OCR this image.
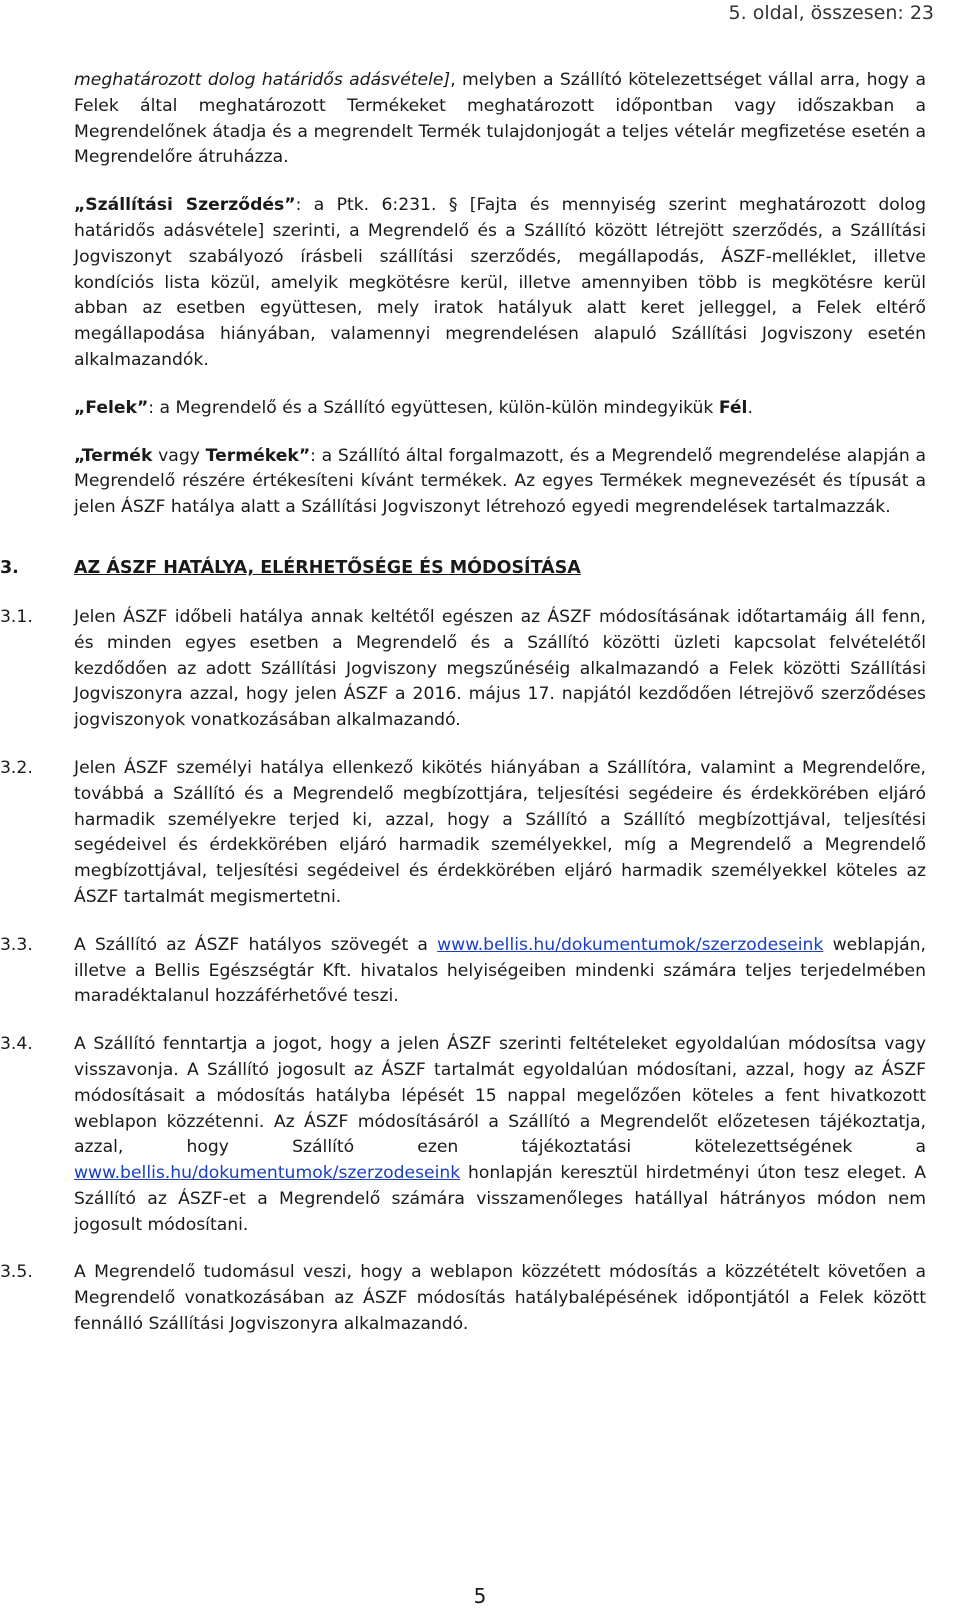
5. oldal, összesen: 23

meghatározott dolog határidős adásvétele], melyben a Szállító kötelezettséget vállal arra, hogy a Felek által meghatározott Termékeket meghatározott időpontban vagy időszakban a Megrendelőnek átadja és a megrendelt Termék tulajdonjogát a teljes vételár megfizetése esetén a Megrendelőre átruházza.

„Szállítási Szerződés”: a Ptk. 6:231. § [Fajta és mennyiség szerint meghatározott dolog határidős adásvétele] szerinti, a Megrendelő és a Szállító között létrejött szerződés, a Szállítási Jogviszonyt szabályozó írásbeli szállítási szerződés, megállapodás, ÁSZF-melléklet, illetve kondíciós lista közül, amelyik megkötésre kerül, illetve amennyiben több is megkötésre kerül abban az esetben együttesen, mely iratok hatályuk alatt keret jelleggel, a Felek eltérő megállapodása hiányában, valamennyi megrendelésen alapuló Szállítási Jogviszony esetén alkalmazandók.

„Felek”: a Megrendelő és a Szállító együttesen, külön-külön mindegyikük Fél.

„Termék vagy Termékek”: a Szállító által forgalmazott, és a Megrendelő megrendelése alapján a Megrendelő részére értékesíteni kívánt termékek. Az egyes Termékek megnevezését és típusát a jelen ÁSZF hatálya alatt a Szállítási Jogviszonyt létrehozó egyedi megrendelések tartalmazzák.

3.	AZ ÁSZF HATÁLYA, ELÉRHETŐSÉGE ÉS MÓDOSÍTÁSA
3.1. Jelen ÁSZF időbeli hatálya annak keltétől egészen az ÁSZF módosításának időtartamáig áll fenn, és minden egyes esetben a Megrendelő és a Szállító közötti üzleti kapcsolat felvételétől kezdődően az adott Szállítási Jogviszony megszűnéséig alkalmazandó a Felek közötti Szállítási Jogviszonyra azzal, hogy jelen ÁSZF a 2016. május 17. napjától kezdődően létrejövő szerződéses jogviszonyok vonatkozásában alkalmazandó.
3.2. Jelen ÁSZF személyi hatálya ellenkező kikötés hiányában a Szállítóra, valamint a Megrendelőre, továbbá a Szállító és a Megrendelő megbízottjára, teljesítési segédeire és érdekkörében eljáró harmadik személyekre terjed ki, azzal, hogy a Szállító a Szállító megbízottjával, teljesítési segédeivel és érdekkörében eljáró harmadik személyekkel, míg a Megrendelő a Megrendelő megbízottjával, teljesítési segédeivel és érdekkörében eljáró harmadik személyekkel köteles az ÁSZF tartalmát megismertetni.
3.3. A Szállító az ÁSZF hatályos szövegét a www.bellis.hu/dokumentumok/szerzodeseink weblapján, illetve a Bellis Egészségtár Kft. hivatalos helyiségeiben mindenki számára teljes terjedelmében maradéktalanul hozzáférhetővé teszi.
3.4. A Szállító fenntartja a jogot, hogy a jelen ÁSZF szerinti feltételeket egyoldalúan módosítsa vagy visszavonja. A Szállító jogosult az ÁSZF tartalmát egyoldalúan módosítani, azzal, hogy az ÁSZF módosításait a módosítás hatályba lépését 15 nappal megelőzően köteles a fent hivatkozott weblapon közzétenni. Az ÁSZF módosításáról a Szállító a Megrendelőt előzetesen tájékoztatja, azzal, hogy Szállító ezen tájékoztatási kötelezettségének a www.bellis.hu/dokumentumok/szerzodeseink honlapján keresztül hirdetményi úton tesz eleget. A Szállító az ÁSZF-et a Megrendelő számára visszamenőleges hatállyal hátrányos módon nem jogosult módosítani.
3.5. A Megrendelő tudomásul veszi, hogy a weblapon közzétett módosítás a közzétételt követően a Megrendelő vonatkozásában az ÁSZF módosítás hatálybalépésének időpontjától a Felek között fennálló Szállítási Jogviszonyra alkalmazandó.
5
